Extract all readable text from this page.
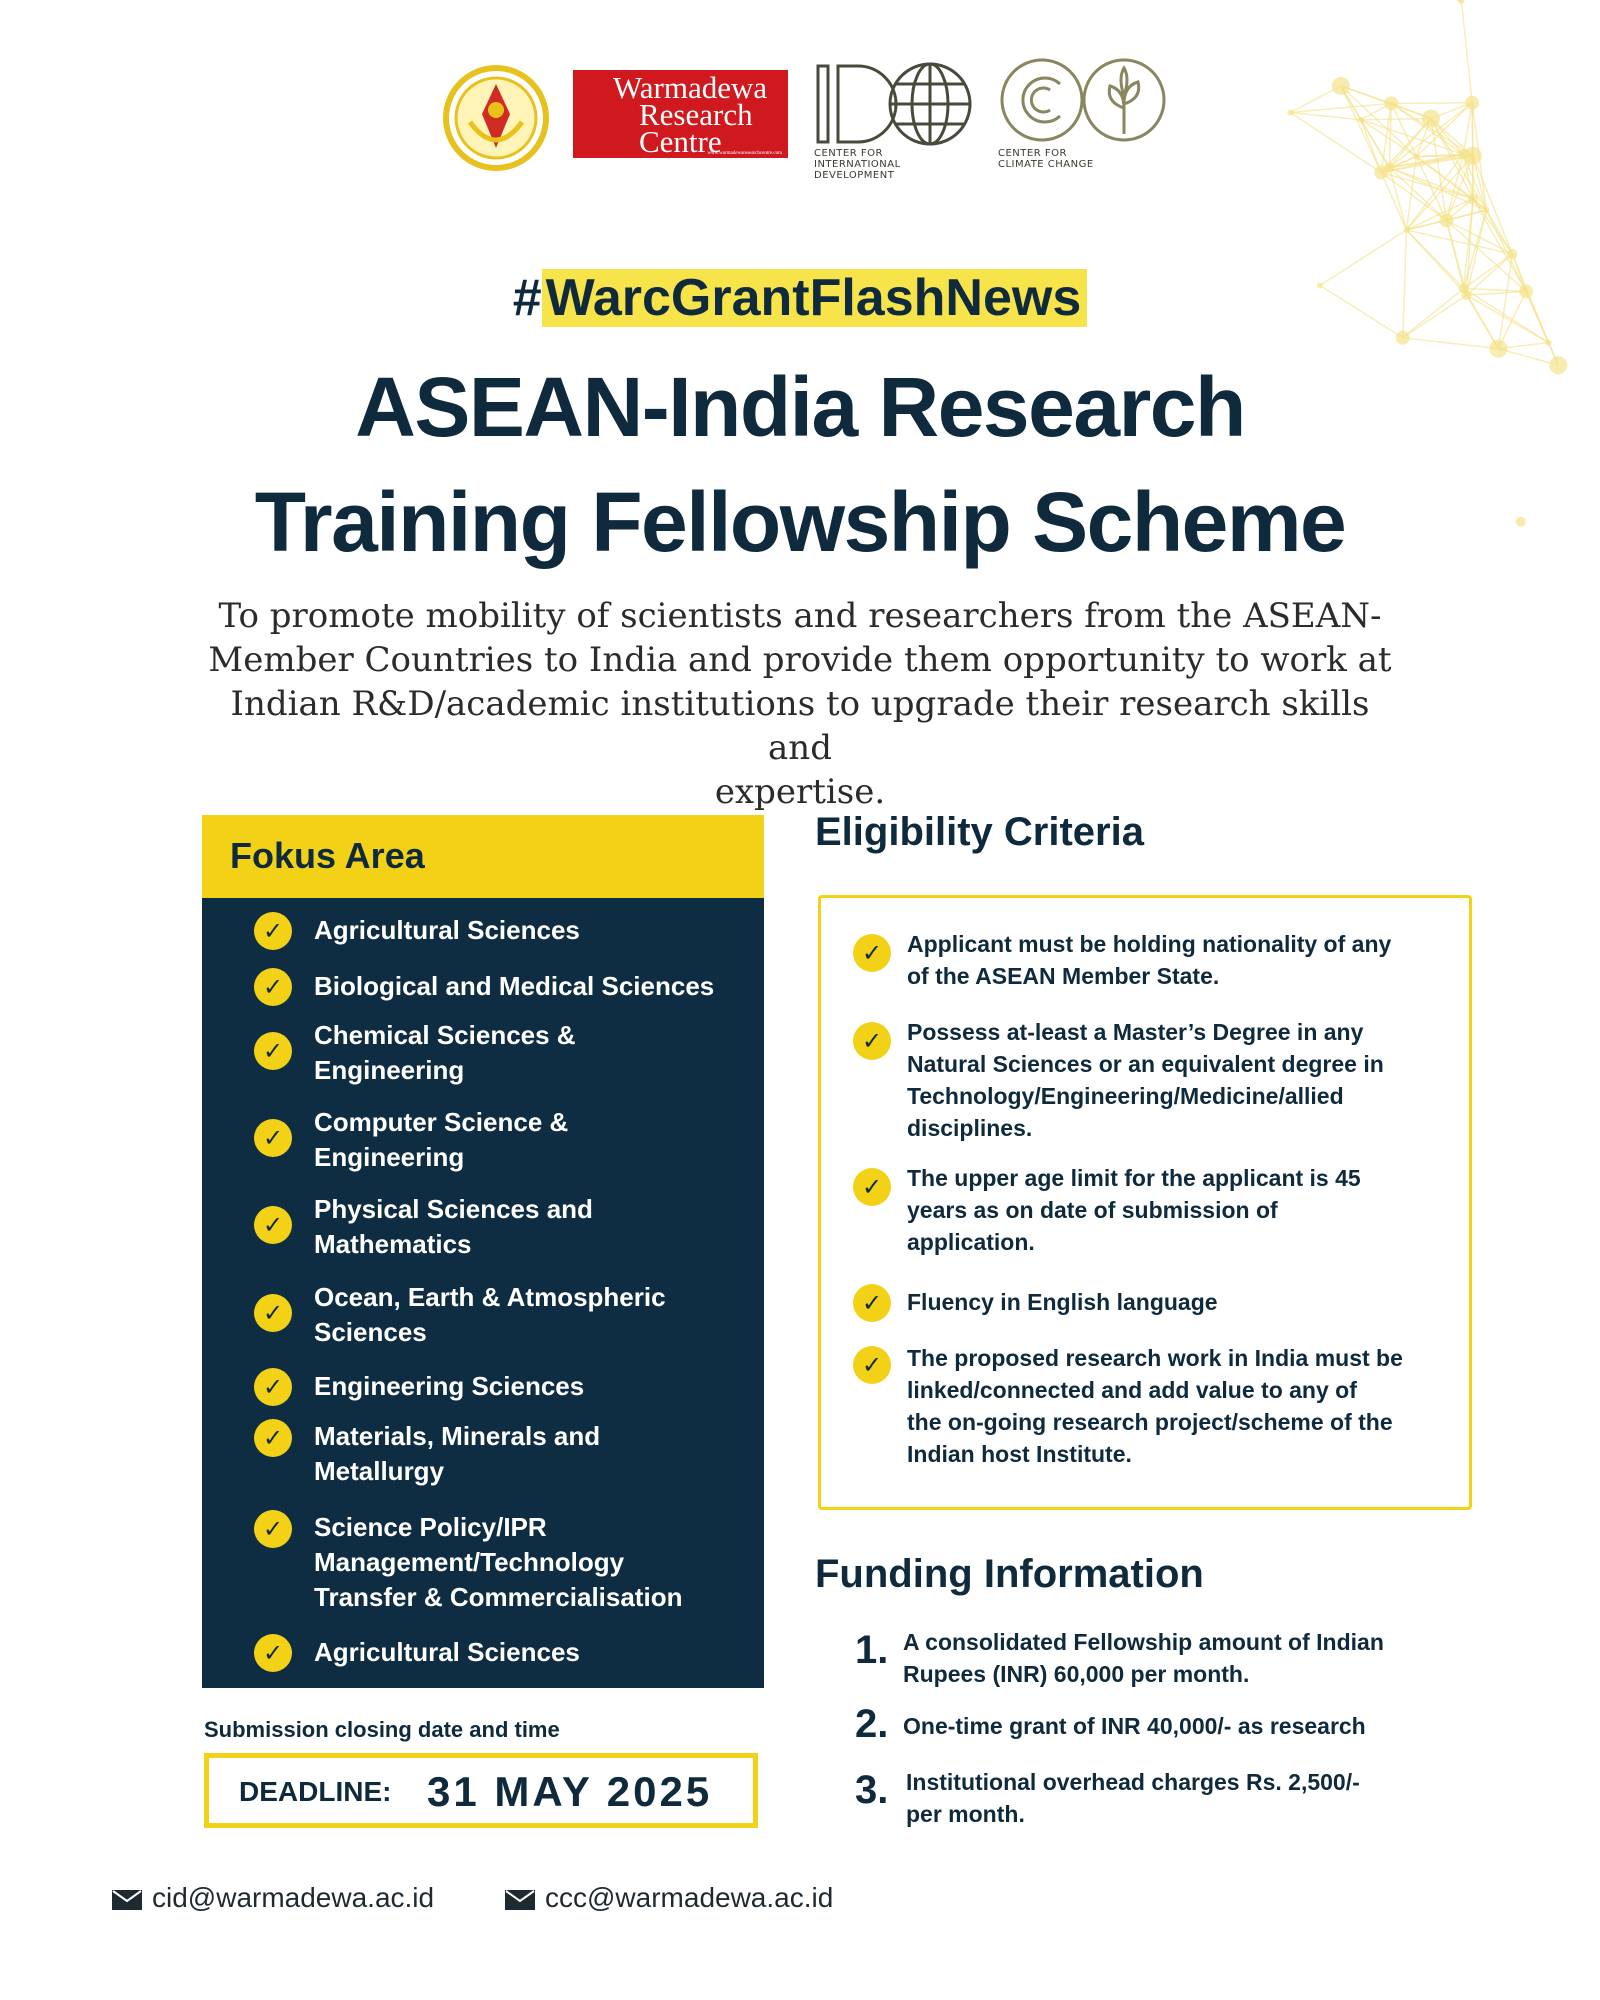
Warmadewa
Research
Centre
www.warmadewaresearchcentre.com	CENTER FOR
INTERNATIONAL
DEVELOPMENT
CENTER FOR
CLIMATE CHANGE
#WarcGrantFlashNews
ASEAN-India Research
Training Fellowship Scheme
To promote mobility of scientists and researchers from the ASEAN-
Member Countries to India and provide them opportunity to work at
Indian R&D/academic institutions to upgrade their research skills and
expertise.
Fokus Area
✓	Agricultural Sciences
✓	Biological and Medical Sciences
✓
Chemical Sciences &
Engineering
✓
Computer Science &
Engineering
✓
Physical Sciences and
Mathematics
✓
Ocean, Earth & Atmospheric
Sciences
✓	Engineering Sciences
✓	Materials, Minerals and
Metallurgy
✓	Science Policy/IPR
Management/Technology
Transfer & Commercialisation
✓	Agricultural Sciences
Submission closing date and time
DEADLINE: 31 MAY 2025
Eligibility Criteria
✓	Applicant must be holding nationality of any
of the ASEAN Member State.
✓	Possess at-least a Master’s Degree in any
Natural Sciences or an equivalent degree in
Technology/Engineering/Medicine/allied
disciplines.
✓	The upper age limit for the applicant is 45
years as on date of submission of
application.
✓	Fluency in English language
✓	The proposed research work in India must be
linked/connected and add value to any of
the on-going research project/scheme of the
Indian host Institute.
Funding Information
1. A consolidated Fellowship amount of Indian
Rupees (INR) 60,000 per month.
2. One-time grant of INR 40,000/- as research
3. Institutional overhead charges Rs. 2,500/-
per month.
cid@warmadewa.ac.id	ccc@warmadewa.ac.id
